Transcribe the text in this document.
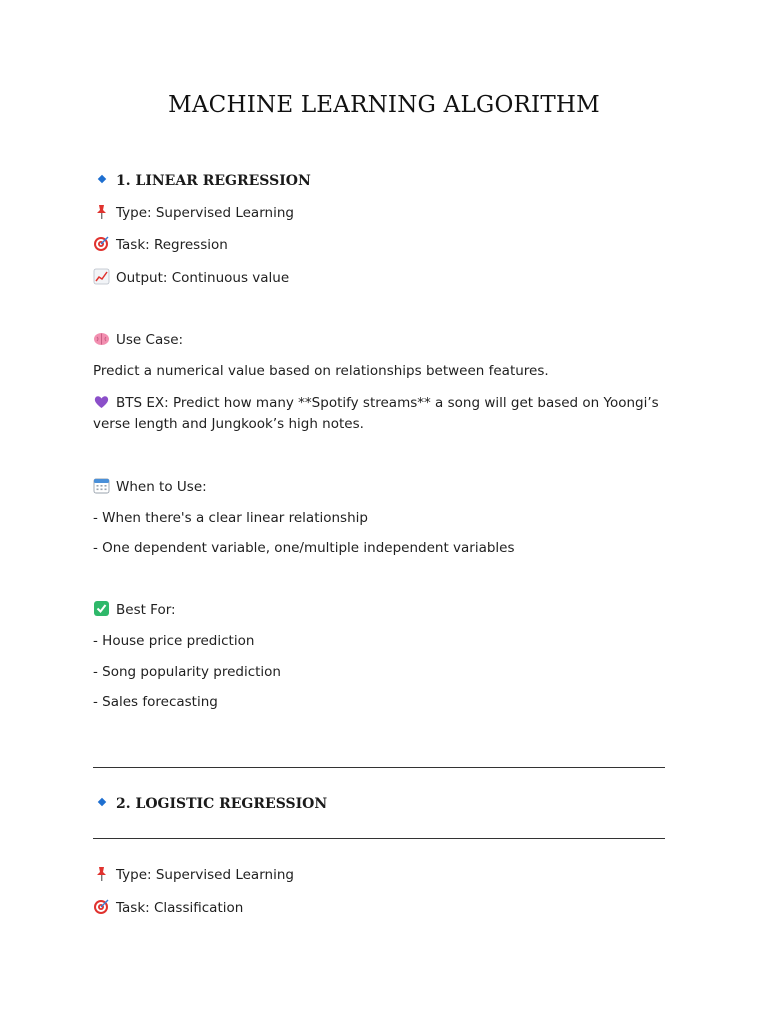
MACHINE LEARNING ALGORITHM
1. LINEAR REGRESSION
Type: Supervised Learning
Task: Regression
Output: Continuous value
Use Case:
Predict a numerical value based on relationships between features.
BTS EX: Predict how many **Spotify streams** a song will get based on Yoongi’s verse length and Jungkook’s high notes.
When to Use:
- When there's a clear linear relationship
- One dependent variable, one/multiple independent variables
Best For:
- House price prediction
- Song popularity prediction
- Sales forecasting
2. LOGISTIC REGRESSION
Type: Supervised Learning
Task: Classification
